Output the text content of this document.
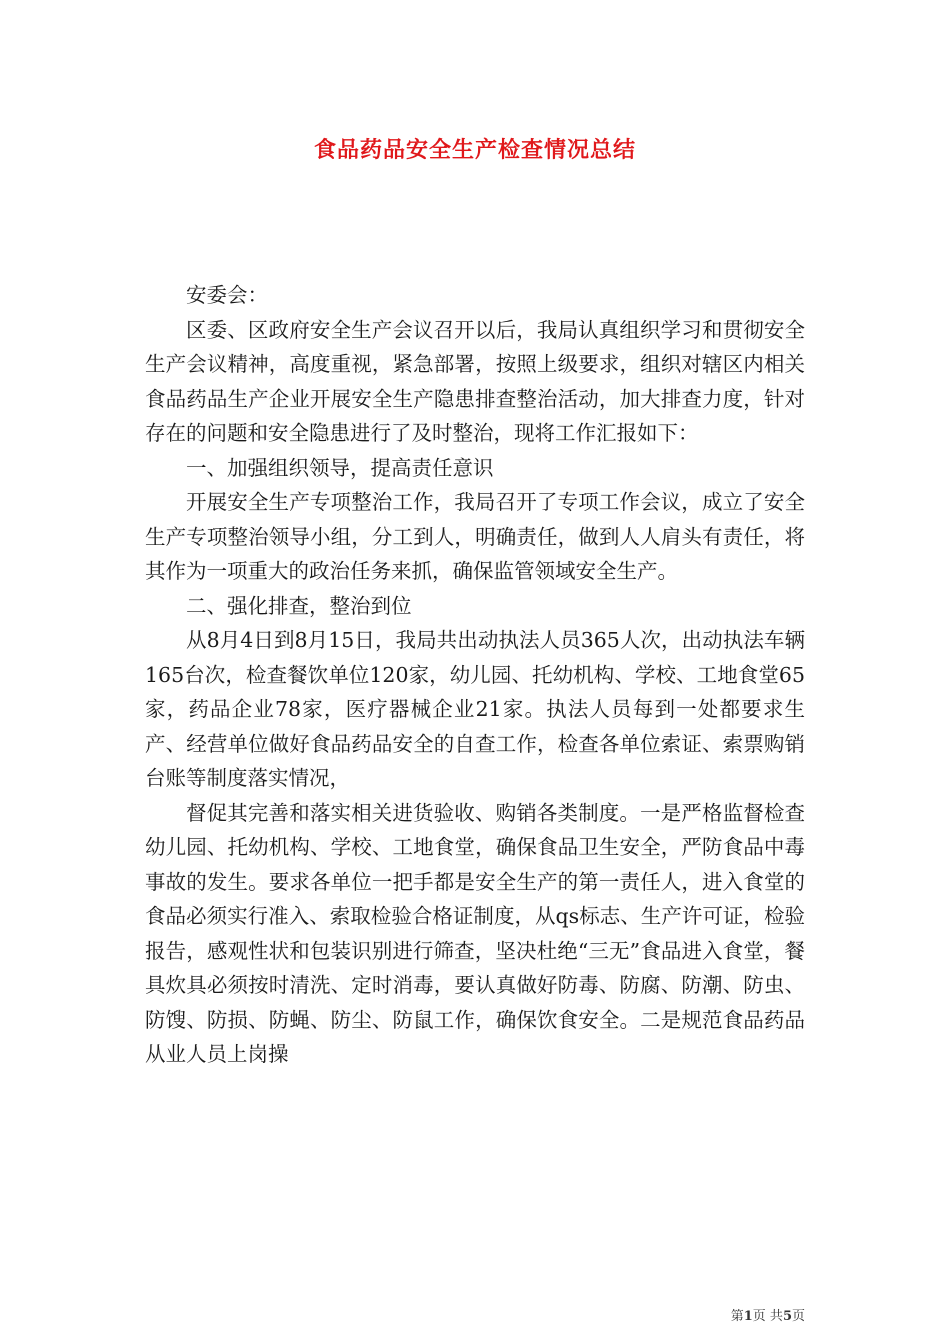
食品药品安全生产检查情况总结

安委会：

区委、区政府安全生产会议召开以后，我局认真组织学习和贯彻安全生产会议精神，高度重视，紧急部署，按照上级要求，组织对辖区内相关食品药品生产企业开展安全生产隐患排查整治活动，加大排查力度，针对存在的问题和安全隐患进行了及时整治，现将工作汇报如下：

一、加强组织领导，提高责任意识

开展安全生产专项整治工作，我局召开了专项工作会议，成立了安全生产专项整治领导小组，分工到人，明确责任，做到人人肩头有责任，将其作为一项重大的政治任务来抓，确保监管领域安全生产。

二、强化排查，整治到位

从8月4日到8月15日，我局共出动执法人员365人次，出动执法车辆165台次，检查餐饮单位120家，幼儿园、托幼机构、学校、工地食堂65家，药品企业78家，医疗器械企业21家。执法人员每到一处都要求生产、经营单位做好食品药品安全的自查工作，检查各单位索证、索票购销台账等制度落实情况，

督促其完善和落实相关进货验收、购销各类制度。一是严格监督检查幼儿园、托幼机构、学校、工地食堂，确保食品卫生安全，严防食品中毒事故的发生。要求各单位一把手都是安全生产的第一责任人，进入食堂的食品必须实行准入、索取检验合格证制度，从qs标志、生产许可证，检验报告，感观性状和包装识别进行筛查，坚决杜绝“三无”食品进入食堂，餐具炊具必须按时清洗、定时消毒，要认真做好防毒、防腐、防潮、防虫、防馊、防损、防蝇、防尘、防鼠工作，确保饮食安全。二是规范食品药品从业人员上岗操

第1页 共5页
